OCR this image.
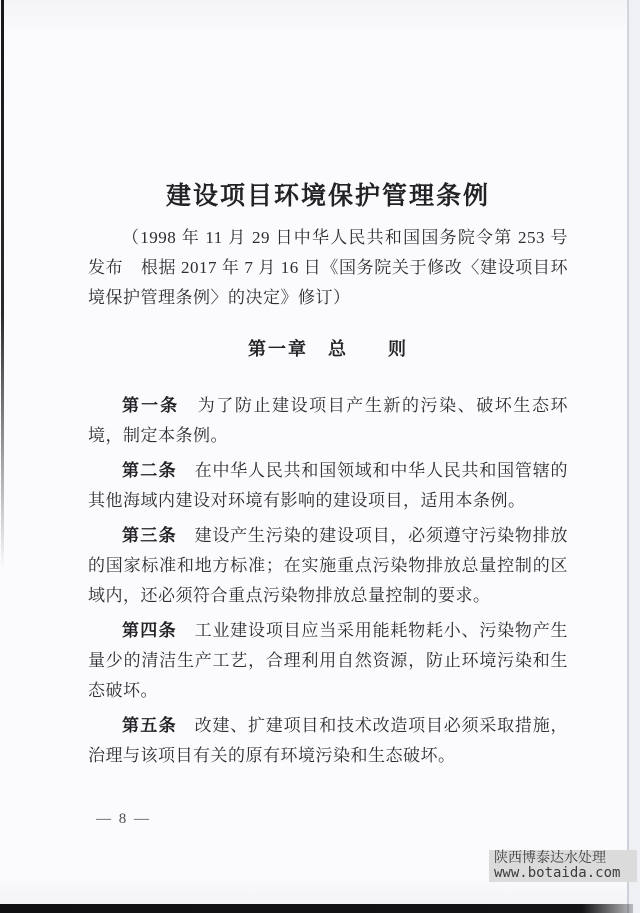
建设项目环境保护管理条例

（1998 年 11 月 29 日中华人民共和国国务院令第 253 号发布　根据 2017 年 7 月 16 日《国务院关于修改〈建设项目环境保护管理条例〉的决定》修订）

第一章　总　　则

第一条　为了防止建设项目产生新的污染、破坏生态环境，制定本条例。

第二条　在中华人民共和国领域和中华人民共和国管辖的其他海域内建设对环境有影响的建设项目，适用本条例。

第三条　建设产生污染的建设项目，必须遵守污染物排放的国家标准和地方标准；在实施重点污染物排放总量控制的区域内，还必须符合重点污染物排放总量控制的要求。

第四条　工业建设项目应当采用能耗物耗小、污染物产生量少的清洁生产工艺，合理利用自然资源，防止环境污染和生态破坏。

第五条　改建、扩建项目和技术改造项目必须采取措施，治理与该项目有关的原有环境污染和生态破坏。

— 8 —
陕西博泰达水处理
www.botaida.com
